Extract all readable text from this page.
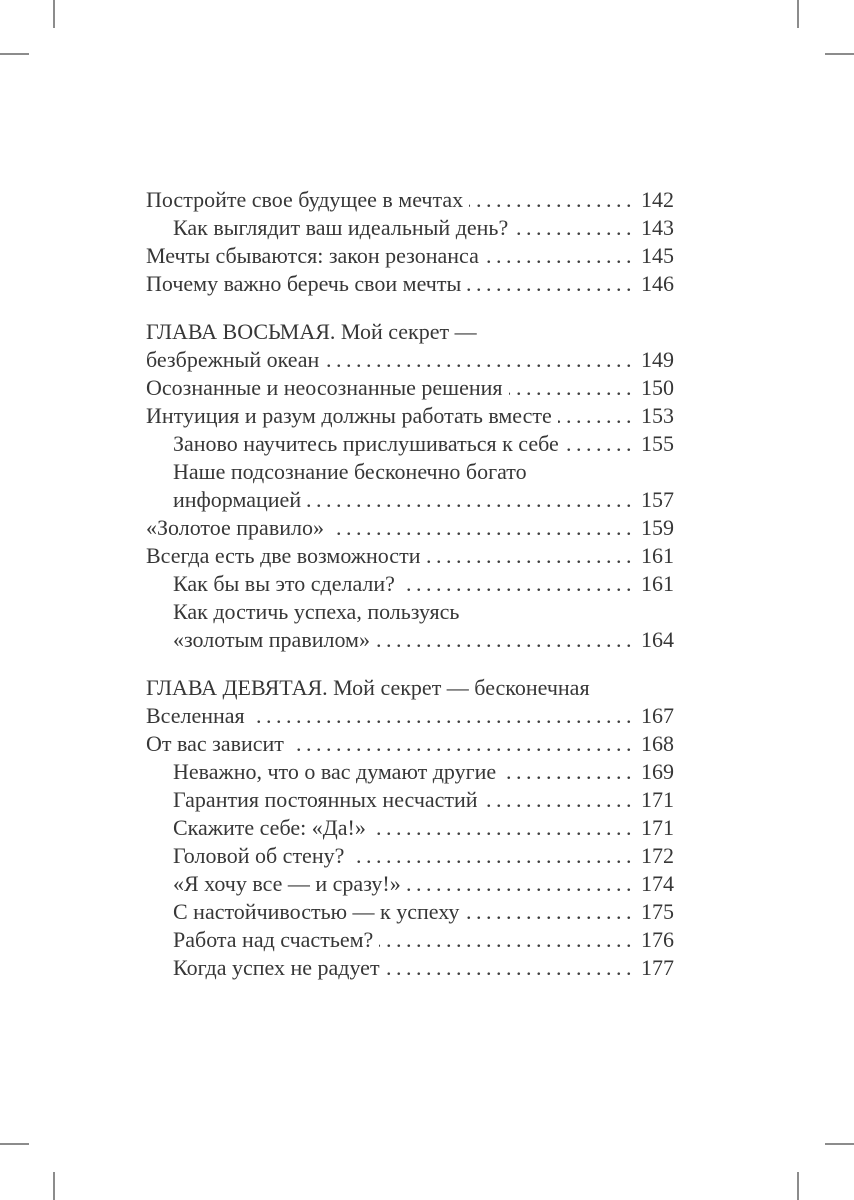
. . . Постройте свое будущее в мечтах	142
. . . Как выглядит ваш идеальный день?	143
. . . Мечты сбываются: закон резонанса	145
. . . Почему важно беречь свои мечты	146
ГЛАВА ВОСЬМАЯ. Мой секрет —
. . . безбрежный океан	149
. . . Осознанные и неосознанные решения	150
. . . Интуиция и разум должны работать вместе	153
. . . Заново научитесь прислушиваться к себе	155
Наше подсознание бесконечно богато
. . . информацией	157
. . . «Золотое правило»	159
. . . Всегда есть две возможности	161
. . . Как бы вы это сделали?	161
Как достичь успеха, пользуясь
. . . «золотым правилом»	164
ГЛАВА ДЕВЯТАЯ. Мой секрет — бесконечная
. . . Вселенная	167
. . . От вас зависит	168
. . . Неважно, что о вас думают другие	169
. . . Гарантия постоянных несчастий	171
. . . Скажите себе: «Да!»	171
. . . Головой об стену?	172
. . . «Я хочу все — и сразу!»	174
. . . С настойчивостью — к успеху	175
. . . Работа над счастьем?	176
. . . Когда успех не радует	177
